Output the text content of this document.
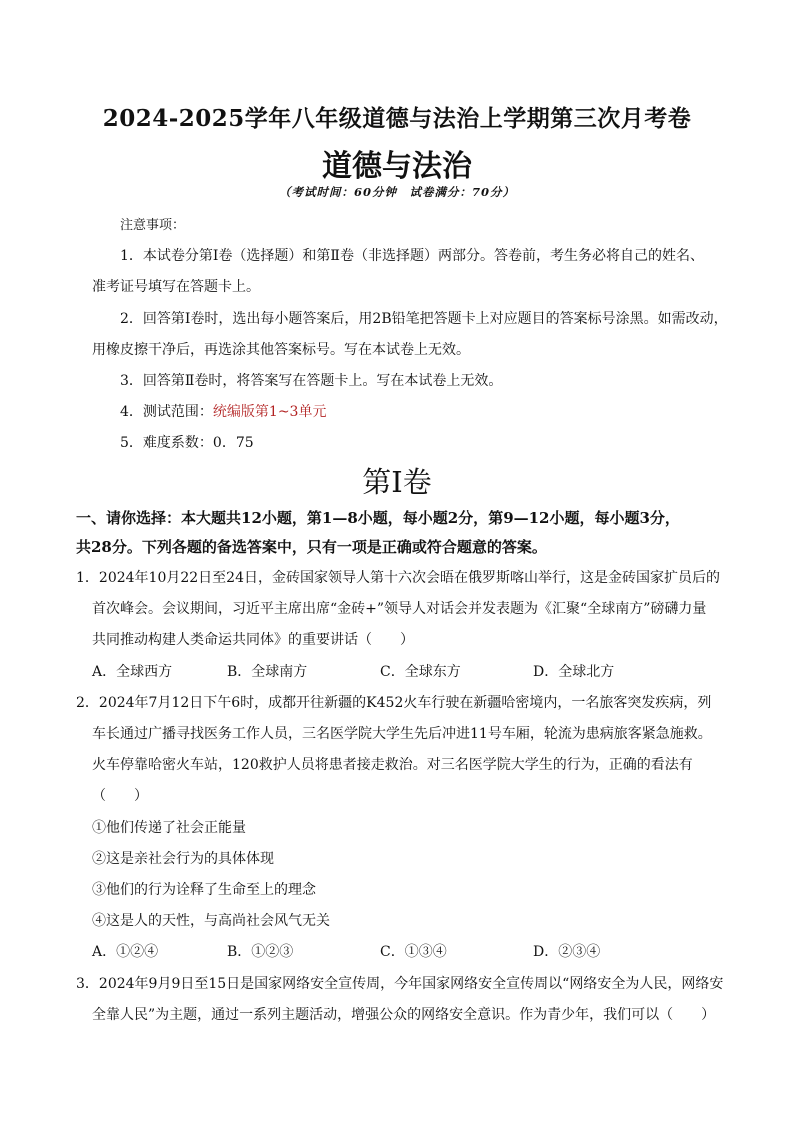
2024-2025学年八年级道德与法治上学期第三次月考卷
道德与法治
（考试时间：60分钟　试卷满分：70分）
注意事项：
1．本试卷分第Ⅰ卷（选择题）和第Ⅱ卷（非选择题）两部分。答卷前，考生务必将自己的姓名、
准考证号填写在答题卡上。
2．回答第Ⅰ卷时，选出每小题答案后，用2B铅笔把答题卡上对应题目的答案标号涂黑。如需改动，
用橡皮擦干净后，再选涂其他答案标号。写在本试卷上无效。
3．回答第Ⅱ卷时，将答案写在答题卡上。写在本试卷上无效。
4．测试范围：统编版第1~3单元
5．难度系数：0．75
第Ⅰ卷
一、请你选择：本大题共12小题，第1—8小题，每小题2分，第9—12小题，每小题3分，
共28分。下列各题的备选答案中，只有一项是正确或符合题意的答案。
1．2024年10月22日至24日，金砖国家领导人第十六次会晤在俄罗斯喀山举行，这是金砖国家扩员后的
首次峰会。会议期间，习近平主席出席“金砖+”领导人对话会并发表题为《汇聚“全球南方”磅礴力量
共同推动构建人类命运共同体》的重要讲话（　　）
A．全球西方	B．全球南方	C．全球东方	D．全球北方
2．2024年7月12日下午6时，成都开往新疆的K452火车行驶在新疆哈密境内，一名旅客突发疾病，列
车长通过广播寻找医务工作人员，三名医学院大学生先后冲进11号车厢，轮流为患病旅客紧急施救。
火车停靠哈密火车站，120救护人员将患者接走救治。对三名医学院大学生的行为，正确的看法有
（　　）
①他们传递了社会正能量
②这是亲社会行为的具体体现
③他们的行为诠释了生命至上的理念
④这是人的天性，与高尚社会风气无关
A．①②④	B．①②③	C．①③④	D．②③④
3．2024年9月9日至15日是国家网络安全宣传周，今年国家网络安全宣传周以“网络安全为人民，网络安
全靠人民”为主题，通过一系列主题活动，增强公众的网络安全意识。作为青少年，我们可以（　　）
